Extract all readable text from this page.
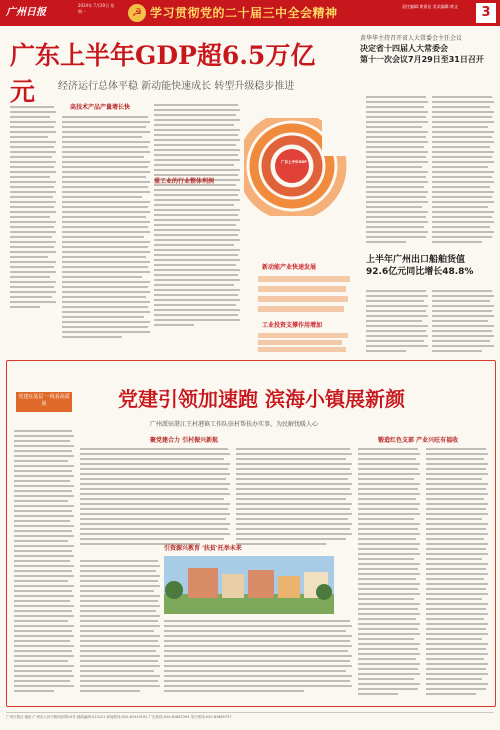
广州日报
2024年 7月29日 星期一	☭ 学习贯彻党的二十届三中全会精神	责任编辑:黄嘉仪 美术编辑:黄文	3
广东上半年GDP超6.5万亿元	经济运行总体平稳 新动能快速成长 转型升级稳步推进
黄华华主持召开省人大常委会主任会议
决定省十四届人大常委会
第十一次会议7月29日至31日召开
高技术产品产量增长快
广东上半年GDP
重工业的行业整体利润
新动能产业快速发展
工业投资支撑作用增加
上半年广州出口船舶货值
92.6亿元同比增长48.8%
党建在基层 一线看高质展	党建引领加速跑 滨海小镇展新颜
广州派驻湛江王村港镇工作队驻村帮扶办实事，为民解忧暖人心
聚党建合力 引村振兴新航
引资源兴教育 '扶贫'托举未来
锻造红色支部 产业兴旺有福收
广州日报社 地址:广州市人民中路同乐路10号 邮政编码:510121 新闻热线:020-81919191 广告热线:020-81887294 发行热线:020-81665757
